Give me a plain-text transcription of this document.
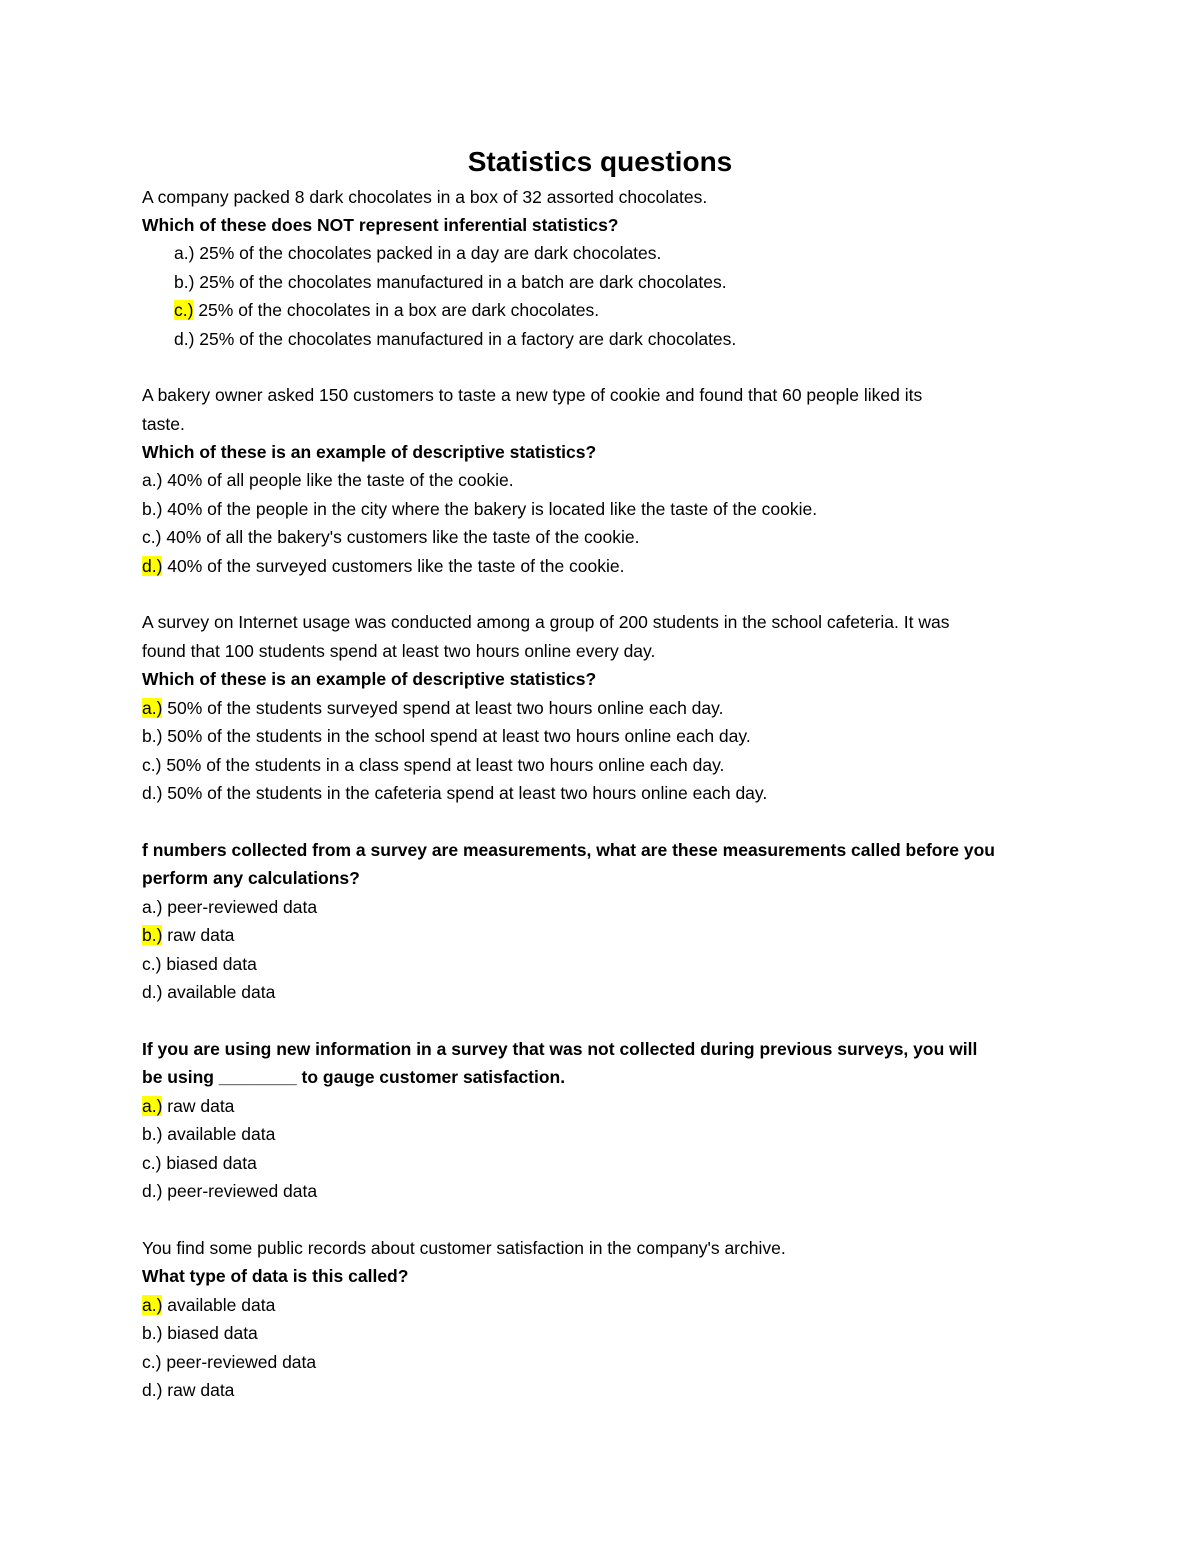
Statistics questions
A company packed 8 dark chocolates in a box of 32 assorted chocolates.
Which of these does NOT represent inferential statistics?
a.) 25% of the chocolates packed in a day are dark chocolates.
b.) 25% of the chocolates manufactured in a batch are dark chocolates.
c.) 25% of the chocolates in a box are dark chocolates.
d.) 25% of the chocolates manufactured in a factory are dark chocolates.
A bakery owner asked 150 customers to taste a new type of cookie and found that 60 people liked its
taste.
Which of these is an example of descriptive statistics?
a.) 40% of all people like the taste of the cookie.
b.) 40% of the people in the city where the bakery is located like the taste of the cookie.
c.) 40% of all the bakery's customers like the taste of the cookie.
d.) 40% of the surveyed customers like the taste of the cookie.
A survey on Internet usage was conducted among a group of 200 students in the school cafeteria. It was
found that 100 students spend at least two hours online every day.
Which of these is an example of descriptive statistics?
a.) 50% of the students surveyed spend at least two hours online each day.
b.) 50% of the students in the school spend at least two hours online each day.
c.) 50% of the students in a class spend at least two hours online each day.
d.) 50% of the students in the cafeteria spend at least two hours online each day.
f numbers collected from a survey are measurements, what are these measurements called before you
perform any calculations?
a.) peer-reviewed data
b.) raw data
c.) biased data
d.) available data
If you are using new information in a survey that was not collected during previous surveys, you will
be using ________ to gauge customer satisfaction.
a.) raw data
b.) available data
c.) biased data
d.) peer-reviewed data
You find some public records about customer satisfaction in the company's archive.
What type of data is this called?
a.) available data
b.) biased data
c.) peer-reviewed data
d.) raw data
